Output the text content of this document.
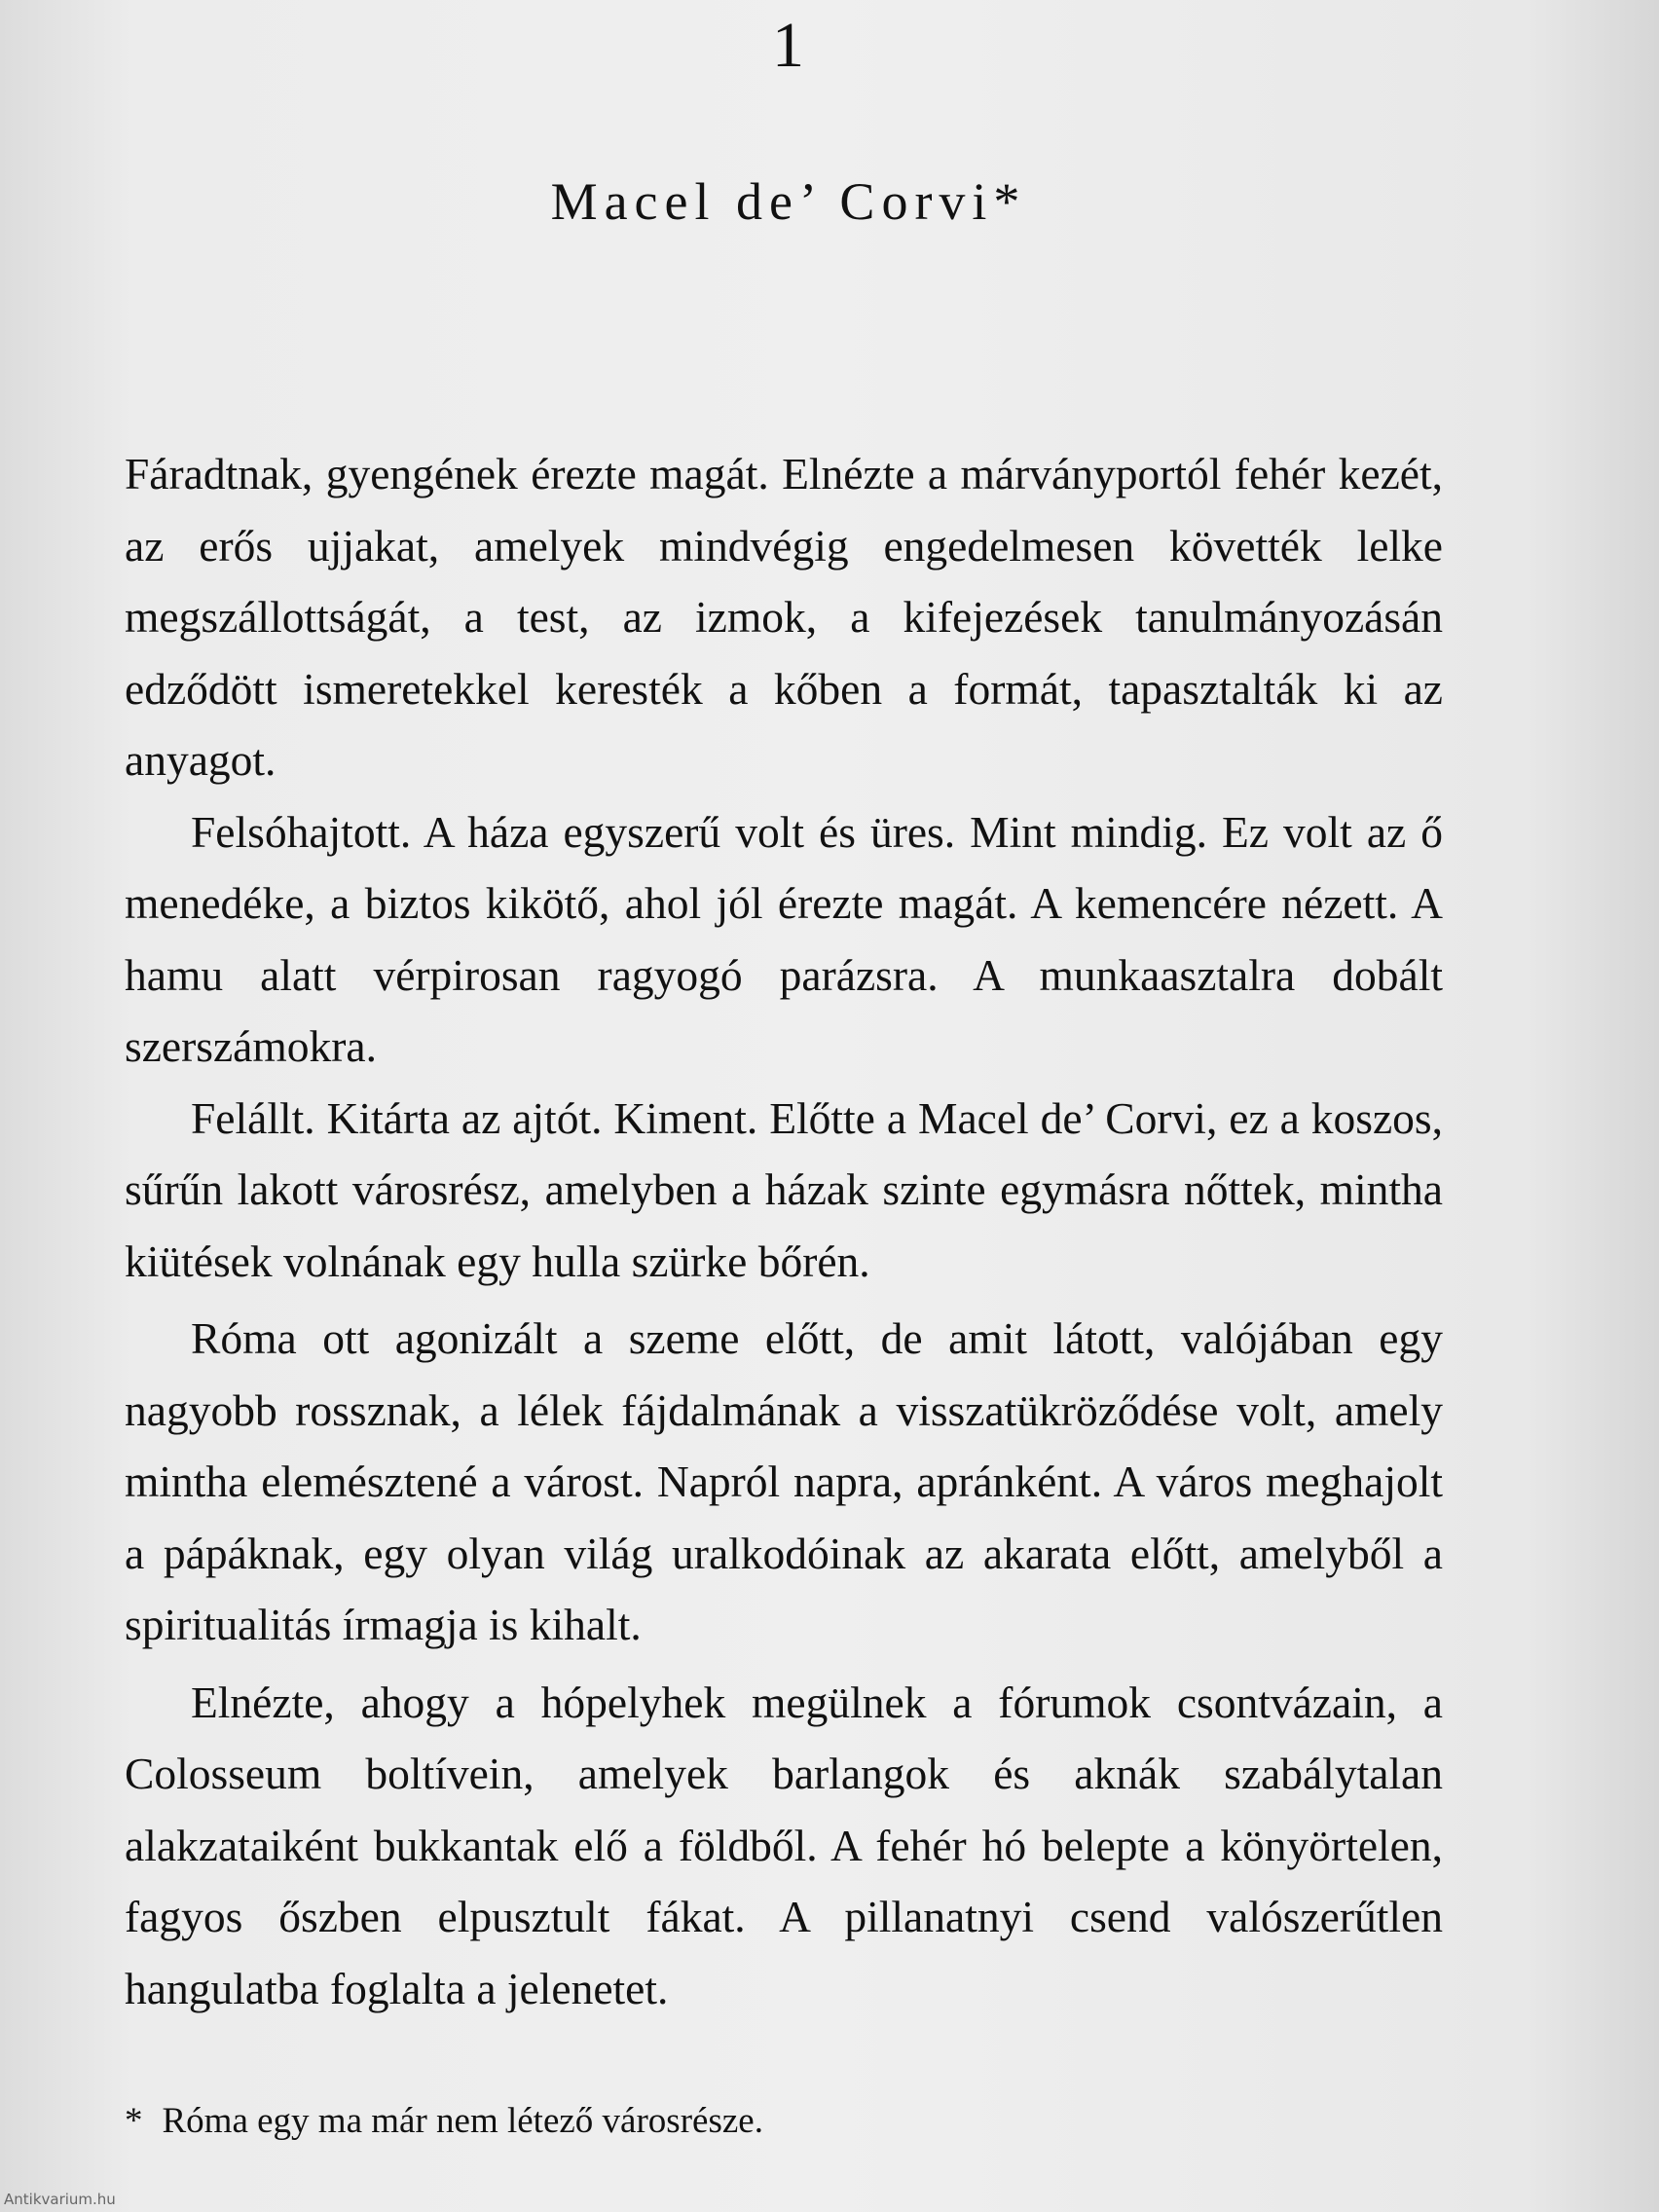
1
Macel de’ Corvi*

Fáradtnak, gyengének érezte magát. Elnézte a márványportól fehér kezét, az erős ujjakat, amelyek mindvégig engedelmesen követték lelke megszállottságát, a test, az izmok, a kifejezések tanulmányozásán edződött ismeretekkel keresték a kőben a formát, tapasztalták ki az anyagot.

Felsóhajtott. A háza egyszerű volt és üres. Mint mindig. Ez volt az ő menedéke, a biztos kikötő, ahol jól érezte magát. A kemencére nézett. A hamu alatt vérpirosan ragyogó parázsra. A munkaasztalra dobált szerszámokra.

Felállt. Kitárta az ajtót. Kiment. Előtte a Macel de’ Corvi, ez a koszos, sűrűn lakott városrész, amelyben a házak szinte egymásra nőttek, mintha kiütések volnának egy hulla szürke bőrén.

Róma ott agonizált a szeme előtt, de amit látott, valójában egy nagyobb rossznak, a lélek fájdalmának a visszatükröződése volt, amely mintha elemésztené a várost. Napról napra, apránként. A város meghajolt a pápáknak, egy olyan világ uralkodóinak az akarata előtt, amelyből a spiritualitás írmagja is kihalt.

Elnézte, ahogy a hópelyhek megülnek a fórumok csontvázain, a Colosseum boltívein, amelyek barlangok és aknák szabálytalan alakzataiként bukkantak elő a földből. A fehér hó belepte a könyörtelen, fagyos őszben elpusztult fákat. A pillanatnyi csend valószerűtlen hangulatba foglalta a jelenetet.

* Róma egy ma már nem létező városrésze.
Antikvarium.hu
